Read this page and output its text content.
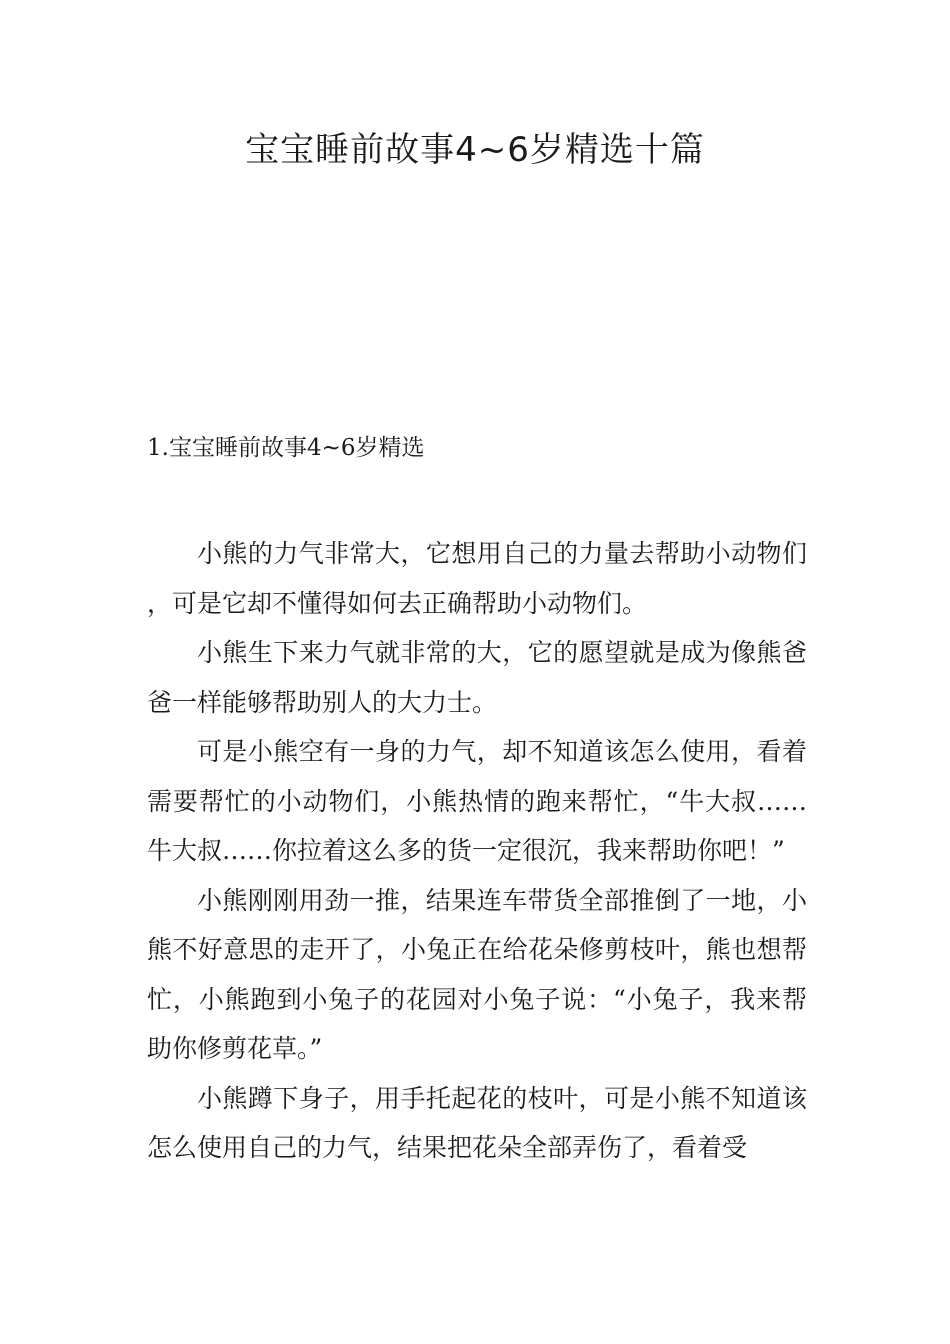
宝宝睡前故事4~6岁精选十篇
1.宝宝睡前故事4~6岁精选

小熊的力气非常大，它想用自己的力量去帮助小动物们，可是它却不懂得如何去正确帮助小动物们。

小熊生下来力气就非常的大，它的愿望就是成为像熊爸爸一样能够帮助别人的大力士。

可是小熊空有一身的力气，却不知道该怎么使用，看着需要帮忙的小动物们，小熊热情的跑来帮忙，“牛大叔……牛大叔……你拉着这么多的货一定很沉，我来帮助你吧！”

小熊刚刚用劲一推，结果连车带货全部推倒了一地，小熊不好意思的走开了，小兔正在给花朵修剪枝叶，熊也想帮忙，小熊跑到小兔子的花园对小兔子说：“小兔子，我来帮助你修剪花草。”

小熊蹲下身子，用手托起花的枝叶，可是小熊不知道该怎么使用自己的力气，结果把花朵全部弄伤了，看着受
